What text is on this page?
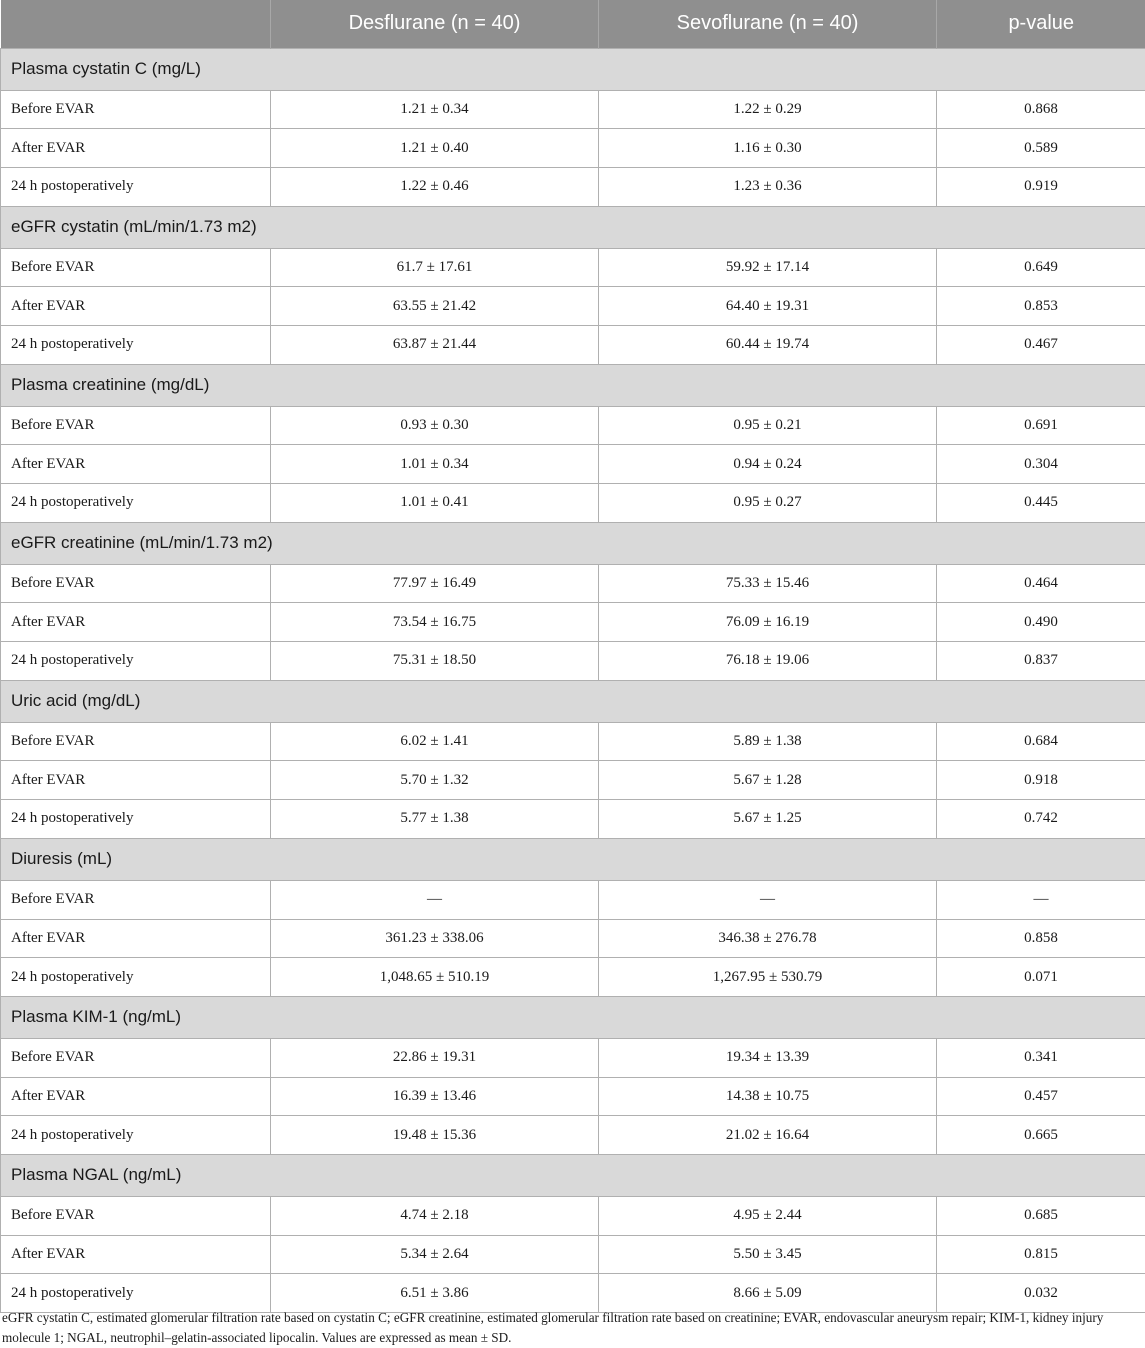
	Desflurane (n = 40)	Sevoflurane (n = 40)	p-value
Plasma cystatin C (mg/L)			
Before EVAR	1.21 ± 0.34	1.22 ± 0.29	0.868
After EVAR	1.21 ± 0.40	1.16 ± 0.30	0.589
24 h postoperatively	1.22 ± 0.46	1.23 ± 0.36	0.919
eGFR cystatin (mL/min/1.73 m2)			
Before EVAR	61.7 ± 17.61	59.92 ± 17.14	0.649
After EVAR	63.55 ± 21.42	64.40 ± 19.31	0.853
24 h postoperatively	63.87 ± 21.44	60.44 ± 19.74	0.467
Plasma creatinine (mg/dL)			
Before EVAR	0.93 ± 0.30	0.95 ± 0.21	0.691
After EVAR	1.01 ± 0.34	0.94 ± 0.24	0.304
24 h postoperatively	1.01 ± 0.41	0.95 ± 0.27	0.445
eGFR creatinine (mL/min/1.73 m2)			
Before EVAR	77.97 ± 16.49	75.33 ± 15.46	0.464
After EVAR	73.54 ± 16.75	76.09 ± 16.19	0.490
24 h postoperatively	75.31 ± 18.50	76.18 ± 19.06	0.837
Uric acid (mg/dL)			
Before EVAR	6.02 ± 1.41	5.89 ± 1.38	0.684
After EVAR	5.70 ± 1.32	5.67 ± 1.28	0.918
24 h postoperatively	5.77 ± 1.38	5.67 ± 1.25	0.742
Diuresis (mL)			
Before EVAR	—	—	—
After EVAR	361.23 ± 338.06	346.38 ± 276.78	0.858
24 h postoperatively	1,048.65 ± 510.19	1,267.95 ± 530.79	0.071
Plasma KIM-1 (ng/mL)			
Before EVAR	22.86 ± 19.31	19.34 ± 13.39	0.341
After EVAR	16.39 ± 13.46	14.38 ± 10.75	0.457
24 h postoperatively	19.48 ± 15.36	21.02 ± 16.64	0.665
Plasma NGAL (ng/mL)			
Before EVAR	4.74 ± 2.18	4.95 ± 2.44	0.685
After EVAR	5.34 ± 2.64	5.50 ± 3.45	0.815
24 h postoperatively	6.51 ± 3.86	8.66 ± 5.09	0.032
eGFR cystatin C, estimated glomerular filtration rate based on cystatin C; eGFR creatinine, estimated glomerular filtration rate based on creatinine; EVAR, endovascular aneurysm repair; KIM-1, kidney injury molecule 1; NGAL, neutrophil–gelatin-associated lipocalin. Values are expressed as mean ± SD.
